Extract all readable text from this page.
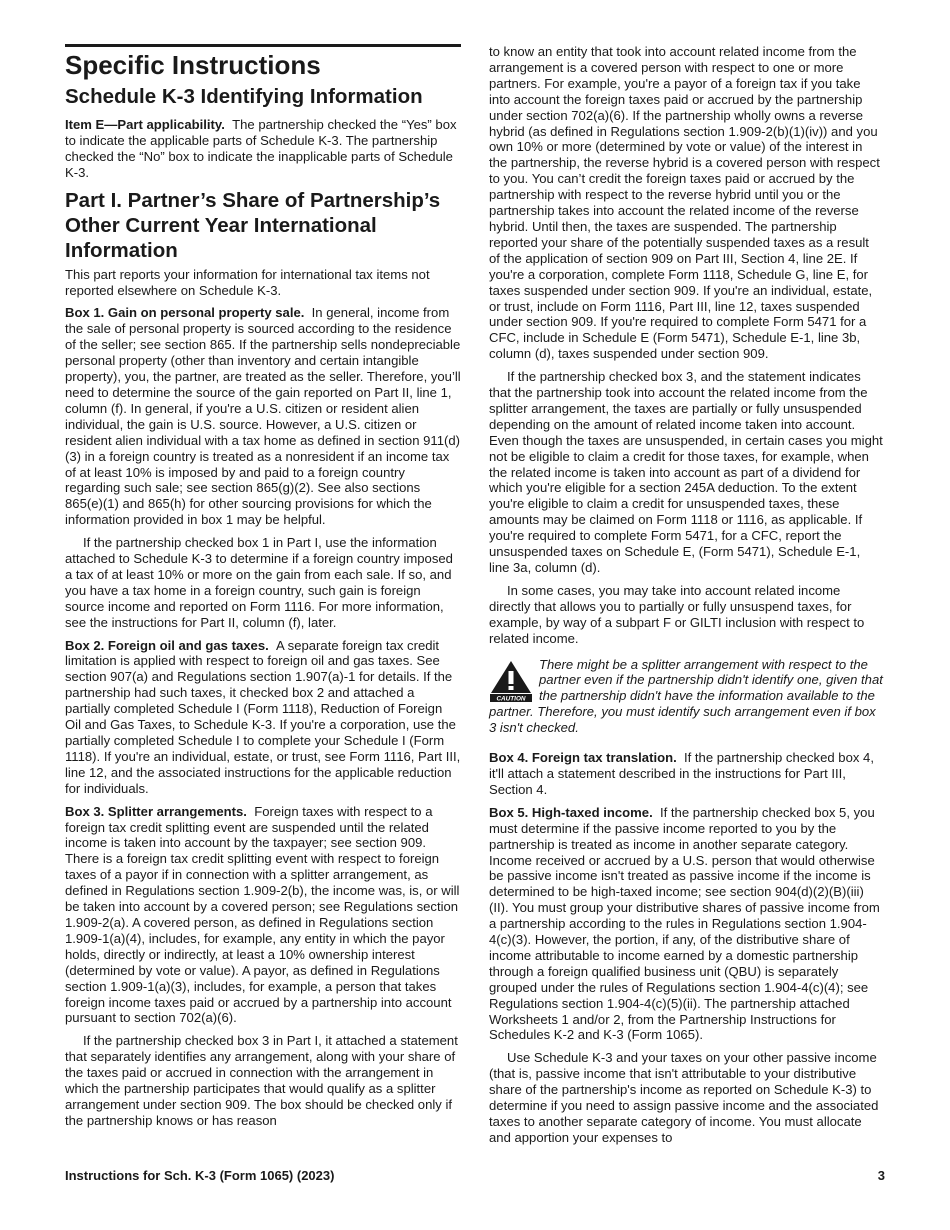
Specific Instructions
Schedule K-3 Identifying Information

Item E—Part applicability. The partnership checked the “Yes” box to indicate the applicable parts of Schedule K-3. The partnership checked the “No” box to indicate the inapplicable parts of Schedule K-3.

Part I. Partner’s Share of Partnership’s Other Current Year International Information

This part reports your information for international tax items not reported elsewhere on Schedule K-3.

Box 1. Gain on personal property sale. In general, income from the sale of personal property is sourced according to the residence of the seller; see section 865. If the partnership sells nondepreciable personal property (other than inventory and certain intangible property), you, the partner, are treated as the seller. Therefore, you’ll need to determine the source of the gain reported on Part II, line 1, column (f). In general, if you're a U.S. citizen or resident alien individual, the gain is U.S. source. However, a U.S. citizen or resident alien individual with a tax home as defined in section 911(d)(3) in a foreign country is treated as a nonresident if an income tax of at least 10% is imposed by and paid to a foreign country regarding such sale; see section 865(g)(2). See also sections 865(e)(1) and 865(h) for other sourcing provisions for which the information provided in box 1 may be helpful.

If the partnership checked box 1 in Part I, use the information attached to Schedule K-3 to determine if a foreign country imposed a tax of at least 10% or more on the gain from each sale. If so, and you have a tax home in a foreign country, such gain is foreign source income and reported on Form 1116. For more information, see the instructions for Part II, column (f), later.

Box 2. Foreign oil and gas taxes. A separate foreign tax credit limitation is applied with respect to foreign oil and gas taxes. See section 907(a) and Regulations section 1.907(a)-1 for details. If the partnership had such taxes, it checked box 2 and attached a partially completed Schedule I (Form 1118), Reduction of Foreign Oil and Gas Taxes, to Schedule K-3. If you're a corporation, use the partially completed Schedule I to complete your Schedule I (Form 1118). If you're an individual, estate, or trust, see Form 1116, Part III, line 12, and the associated instructions for the applicable reduction for individuals.

Box 3. Splitter arrangements. Foreign taxes with respect to a foreign tax credit splitting event are suspended until the related income is taken into account by the taxpayer; see section 909. There is a foreign tax credit splitting event with respect to foreign taxes of a payor if in connection with a splitter arrangement, as defined in Regulations section 1.909-2(b), the income was, is, or will be taken into account by a covered person; see Regulations section 1.909-2(a). A covered person, as defined in Regulations section 1.909-1(a)(4), includes, for example, any entity in which the payor holds, directly or indirectly, at least a 10% ownership interest (determined by vote or value). A payor, as defined in Regulations section 1.909-1(a)(3), includes, for example, a person that takes foreign income taxes paid or accrued by a partnership into account pursuant to section 702(a)(6).

If the partnership checked box 3 in Part I, it attached a statement that separately identifies any arrangement, along with your share of the taxes paid or accrued in connection with the arrangement in which the partnership participates that would qualify as a splitter arrangement under section 909. The box should be checked only if the partnership knows or has reason

to know an entity that took into account related income from the arrangement is a covered person with respect to one or more partners. For example, you're a payor of a foreign tax if you take into account the foreign taxes paid or accrued by the partnership under section 702(a)(6). If the partnership wholly owns a reverse hybrid (as defined in Regulations section 1.909-2(b)(1)(iv)) and you own 10% or more (determined by vote or value) of the interest in the partnership, the reverse hybrid is a covered person with respect to you. You can’t credit the foreign taxes paid or accrued by the partnership with respect to the reverse hybrid until you or the partnership takes into account the related income of the reverse hybrid. Until then, the taxes are suspended. The partnership reported your share of the potentially suspended taxes as a result of the application of section 909 on Part III, Section 4, line 2E. If you're a corporation, complete Form 1118, Schedule G, line E, for taxes suspended under section 909. If you're an individual, estate, or trust, include on Form 1116, Part III, line 12, taxes suspended under section 909. If you're required to complete Form 5471 for a CFC, include in Schedule E (Form 5471), Schedule E-1, line 3b, column (d), taxes suspended under section 909.

If the partnership checked box 3, and the statement indicates that the partnership took into account the related income from the splitter arrangement, the taxes are partially or fully unsuspended depending on the amount of related income taken into account. Even though the taxes are unsuspended, in certain cases you might not be eligible to claim a credit for those taxes, for example, when the related income is taken into account as part of a dividend for which you're eligible for a section 245A deduction. To the extent you're eligible to claim a credit for unsuspended taxes, these amounts may be claimed on Form 1118 or 1116, as applicable. If you're required to complete Form 5471, for a CFC, report the unsuspended taxes on Schedule E, (Form 5471), Schedule E-1, line 3a, column (d).

In some cases, you may take into account related income directly that allows you to partially or fully unsuspend taxes, for example, by way of a subpart F or GILTI inclusion with respect to related income.

CAUTION
There might be a splitter arrangement with respect to the partner even if the partnership didn't identify one, given that the partnership didn't have the information available to the partner. Therefore, you must identify such arrangement even if box 3 isn't checked.

Box 4. Foreign tax translation. If the partnership checked box 4, it'll attach a statement described in the instructions for Part III, Section 4.

Box 5. High-taxed income. If the partnership checked box 5, you must determine if the passive income reported to you by the partnership is treated as income in another separate category. Income received or accrued by a U.S. person that would otherwise be passive income isn't treated as passive income if the income is determined to be high-taxed income; see section 904(d)(2)(B)(iii)(II). You must group your distributive shares of passive income from a partnership according to the rules in Regulations section 1.904-4(c)(3). However, the portion, if any, of the distributive share of income attributable to income earned by a domestic partnership through a foreign qualified business unit (QBU) is separately grouped under the rules of Regulations section 1.904-4(c)(4); see Regulations section 1.904-4(c)(5)(ii). The partnership attached Worksheets 1 and/or 2, from the Partnership Instructions for Schedules K-2 and K-3 (Form 1065).

Use Schedule K-3 and your taxes on your other passive income (that is, passive income that isn't attributable to your distributive share of the partnership's income as reported on Schedule K-3) to determine if you need to assign passive income and the associated taxes to another separate category of income. You must allocate and apportion your expenses to

Instructions for Sch. K-3 (Form 1065) (2023)	3
